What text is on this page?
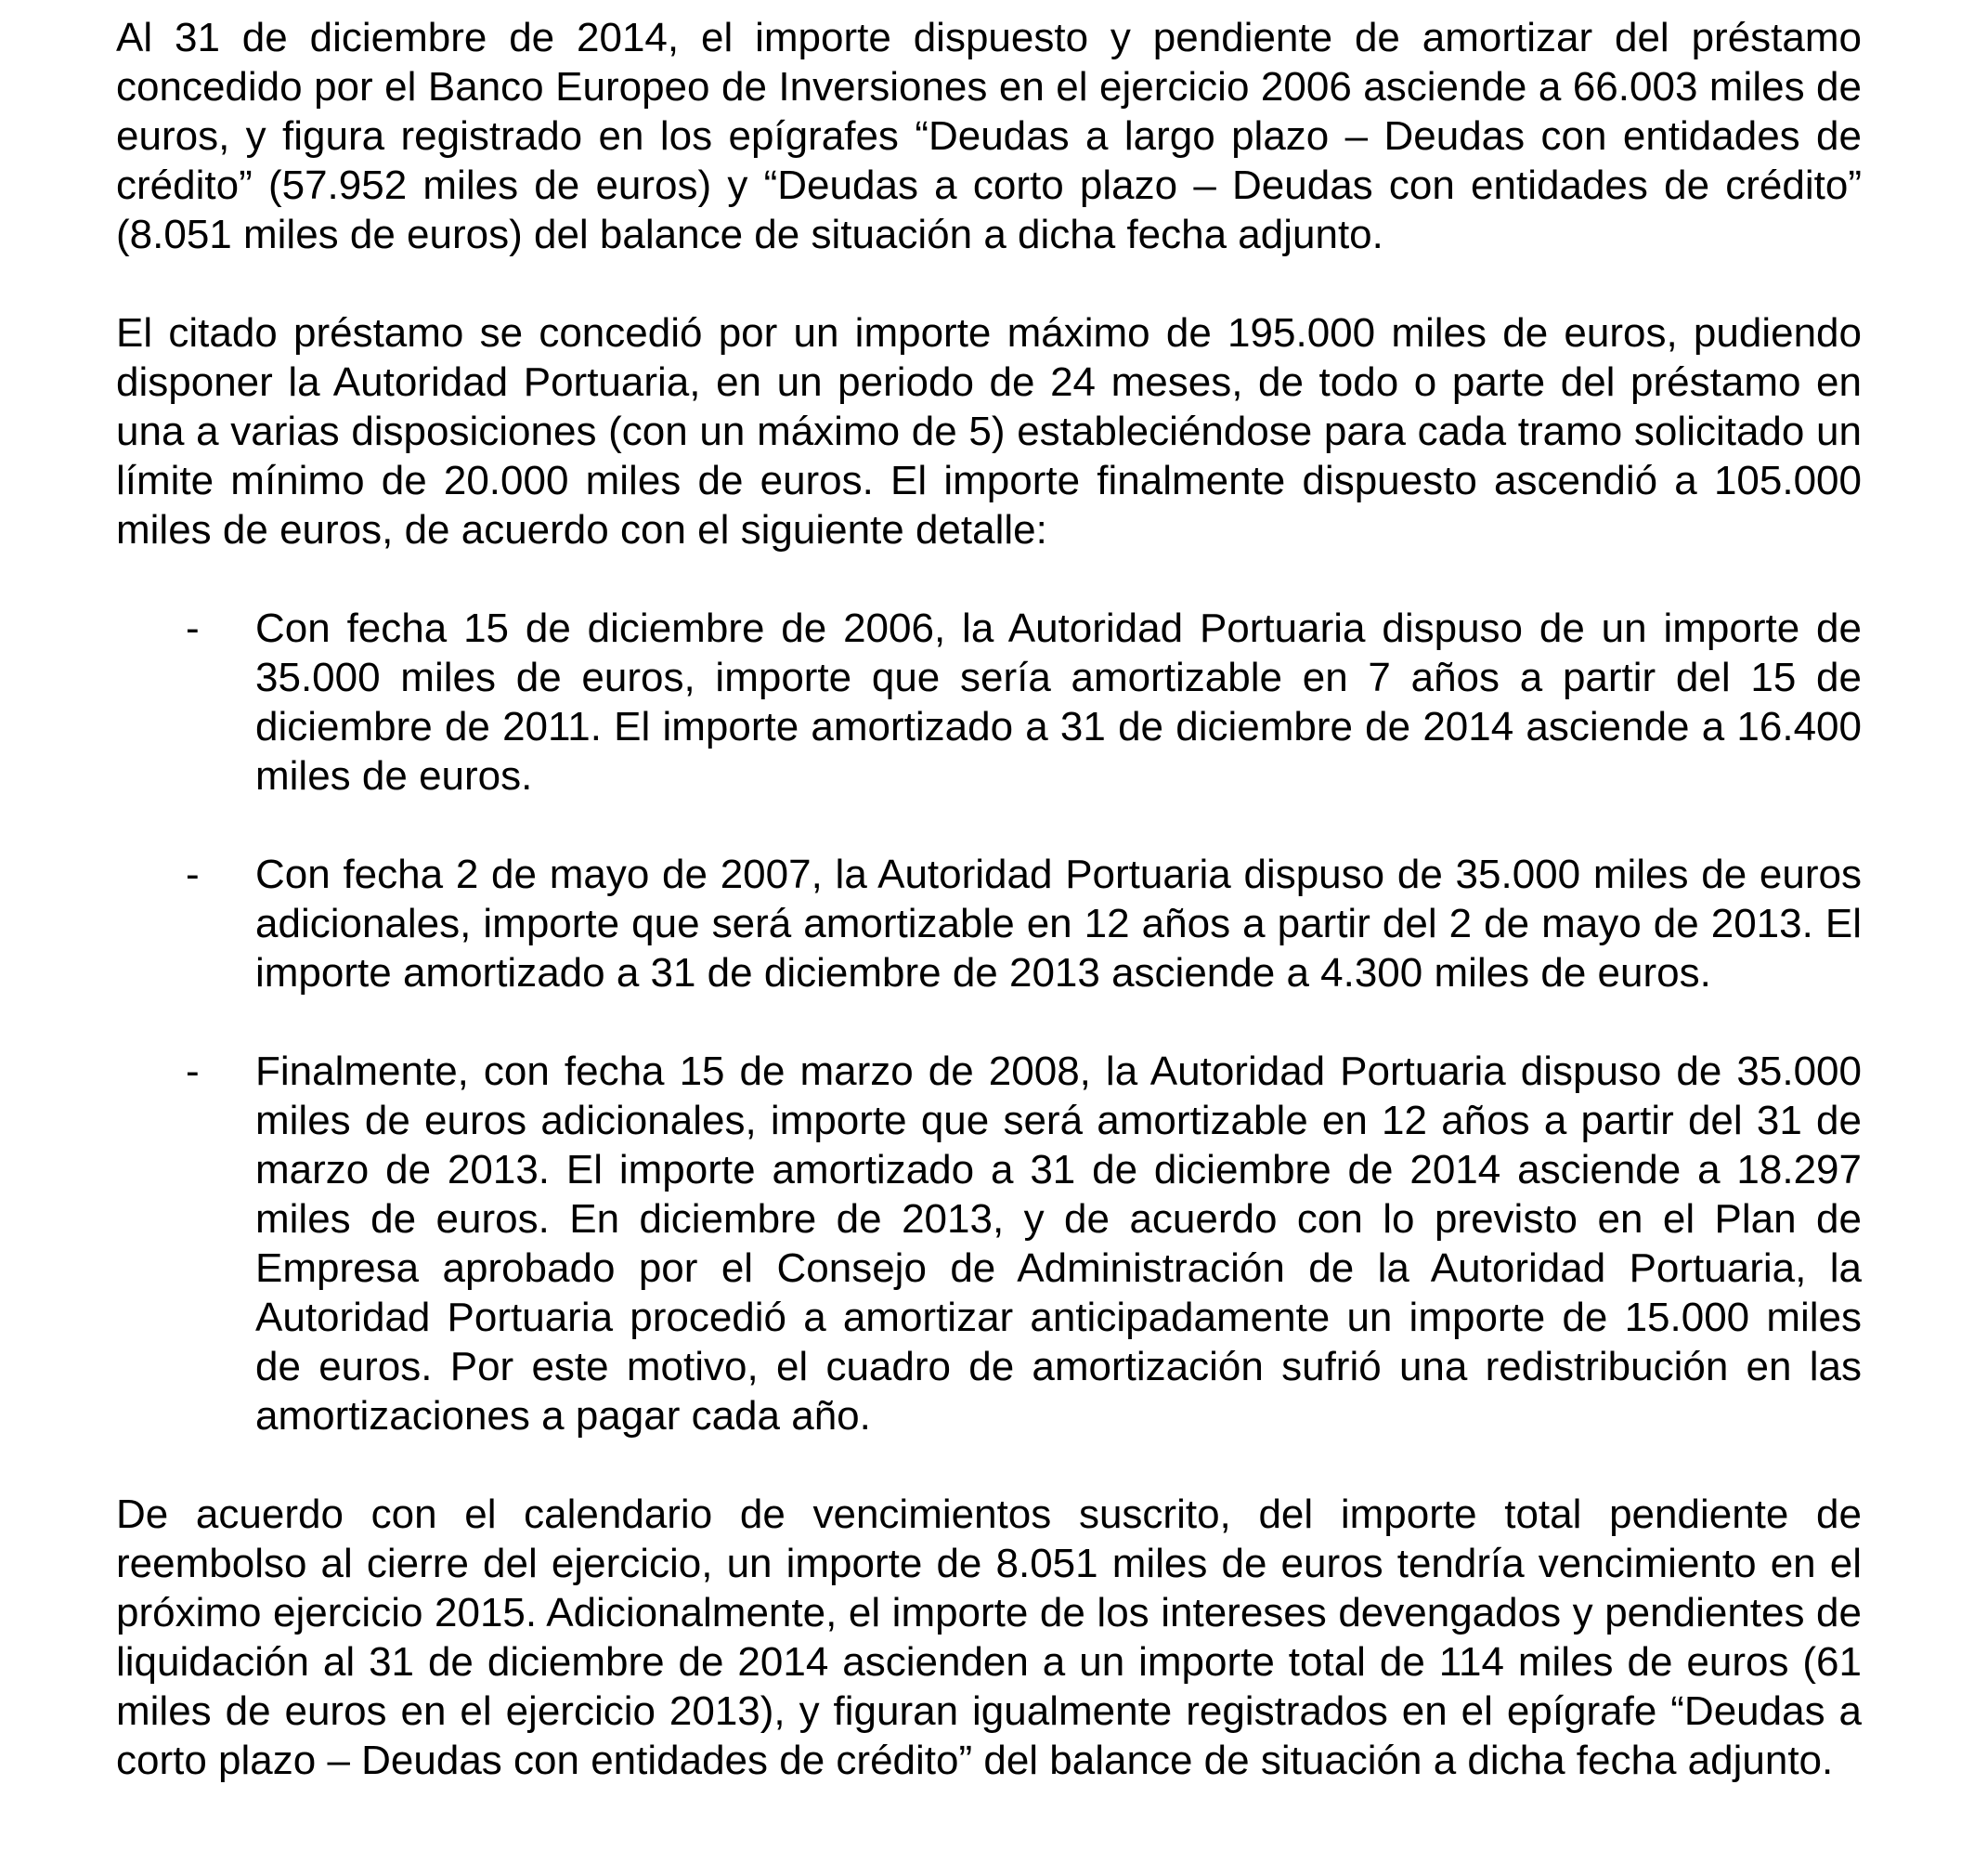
Al 31 de diciembre de 2014, el importe dispuesto y pendiente de amortizar del préstamo concedido por el Banco Europeo de Inversiones en el ejercicio 2006 asciende a 66.003 miles de euros, y figura registrado en los epígrafes “Deudas a largo plazo – Deudas con entidades de crédito” (57.952 miles de euros) y “Deudas a corto plazo – Deudas con entidades de crédito” (8.051 miles de euros) del balance de situación a dicha fecha adjunto.

El citado préstamo se concedió por un importe máximo de 195.000 miles de euros, pudiendo disponer la Autoridad Portuaria, en un periodo de 24 meses, de todo o parte del préstamo en una a varias disposiciones (con un máximo de 5) estableciéndose para cada tramo solicitado un límite mínimo de 20.000 miles de euros. El importe finalmente dispuesto ascendió a 105.000 miles de euros, de acuerdo con el siguiente detalle:

- Con fecha 15 de diciembre de 2006, la Autoridad Portuaria dispuso de un importe de 35.000 miles de euros, importe que sería amortizable en 7 años a partir del 15 de diciembre de 2011. El importe amortizado a 31 de diciembre de 2014 asciende a 16.400 miles de euros.
- Con fecha 2 de mayo de 2007, la Autoridad Portuaria dispuso de 35.000 miles de euros adicionales, importe que será amortizable en 12 años a partir del 2 de mayo de 2013. El importe amortizado a 31 de diciembre de 2013 asciende a 4.300 miles de euros.
- Finalmente, con fecha 15 de marzo de 2008, la Autoridad Portuaria dispuso de 35.000 miles de euros adicionales, importe que será amortizable en 12 años a partir del 31 de marzo de 2013. El importe amortizado a 31 de diciembre de 2014 asciende a 18.297 miles de euros. En diciembre de 2013, y de acuerdo con lo previsto en el Plan de Empresa aprobado por el Consejo de Administración de la Autoridad Portuaria, la Autoridad Portuaria procedió a amortizar anticipadamente un importe de 15.000 miles de euros. Por este motivo, el cuadro de amortización sufrió una redistribución en las amortizaciones a pagar cada año.

De acuerdo con el calendario de vencimientos suscrito, del importe total pendiente de reembolso al cierre del ejercicio, un importe de 8.051 miles de euros tendría vencimiento en el próximo ejercicio 2015. Adicionalmente, el importe de los intereses devengados y pendientes de liquidación al 31 de diciembre de 2014 ascienden a un importe total de 114 miles de euros (61 miles de euros en el ejercicio 2013), y figuran igualmente registrados en el epígrafe “Deudas a corto plazo – Deudas con entidades de crédito” del balance de situación a dicha fecha adjunto.
